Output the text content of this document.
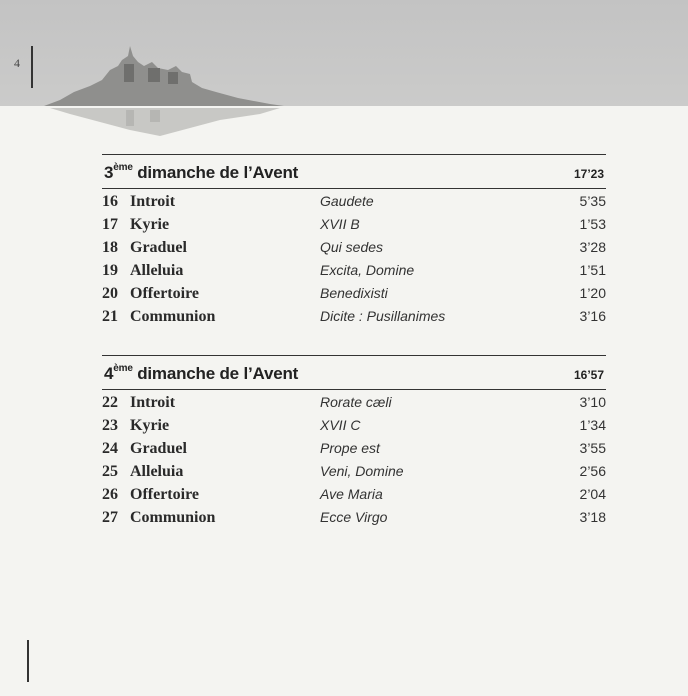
4
3ème dimanche de l’Avent	17’23
16 Introit	Gaudete	5’35
17 Kyrie	XVII B	1’53
18 Graduel	Qui sedes	3’28
19 Alleluia	Excita, Domine	1’51
20 Offertoire	Benedixisti	1’20
21 Communion	Dicite : Pusillanimes	3’16
4ème dimanche de l’Avent	16’57
22 Introit	Rorate cæli	3’10
23 Kyrie	XVII C	1’34
24 Graduel	Prope est	3’55
25 Alleluia	Veni, Domine	2’56
26 Offertoire	Ave Maria	2’04
27 Communion	Ecce Virgo	3’18
